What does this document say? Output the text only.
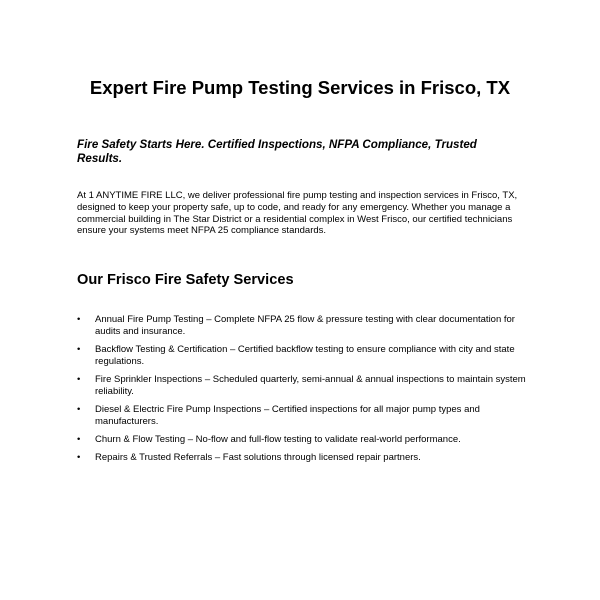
Expert Fire Pump Testing Services in Frisco, TX

Fire Safety Starts Here. Certified Inspections, NFPA Compliance, Trusted Results.

At 1 ANYTIME FIRE LLC, we deliver professional fire pump testing and inspection services in Frisco, TX, designed to keep your property safe, up to code, and ready for any emergency. Whether you manage a commercial building in The Star District or a residential complex in West Frisco, our certified technicians ensure your systems meet NFPA 25 compliance standards.

Our Frisco Fire Safety Services
•	Annual Fire Pump Testing – Complete NFPA 25 flow & pressure testing with clear documentation for audits and insurance.
•	Backflow Testing & Certification – Certified backflow testing to ensure compliance with city and state regulations.
•	Fire Sprinkler Inspections – Scheduled quarterly, semi-annual & annual inspections to maintain system reliability.
•	Diesel & Electric Fire Pump Inspections – Certified inspections for all major pump types and manufacturers.
•	Churn & Flow Testing – No-flow and full-flow testing to validate real-world performance.
•	Repairs & Trusted Referrals – Fast solutions through licensed repair partners.
